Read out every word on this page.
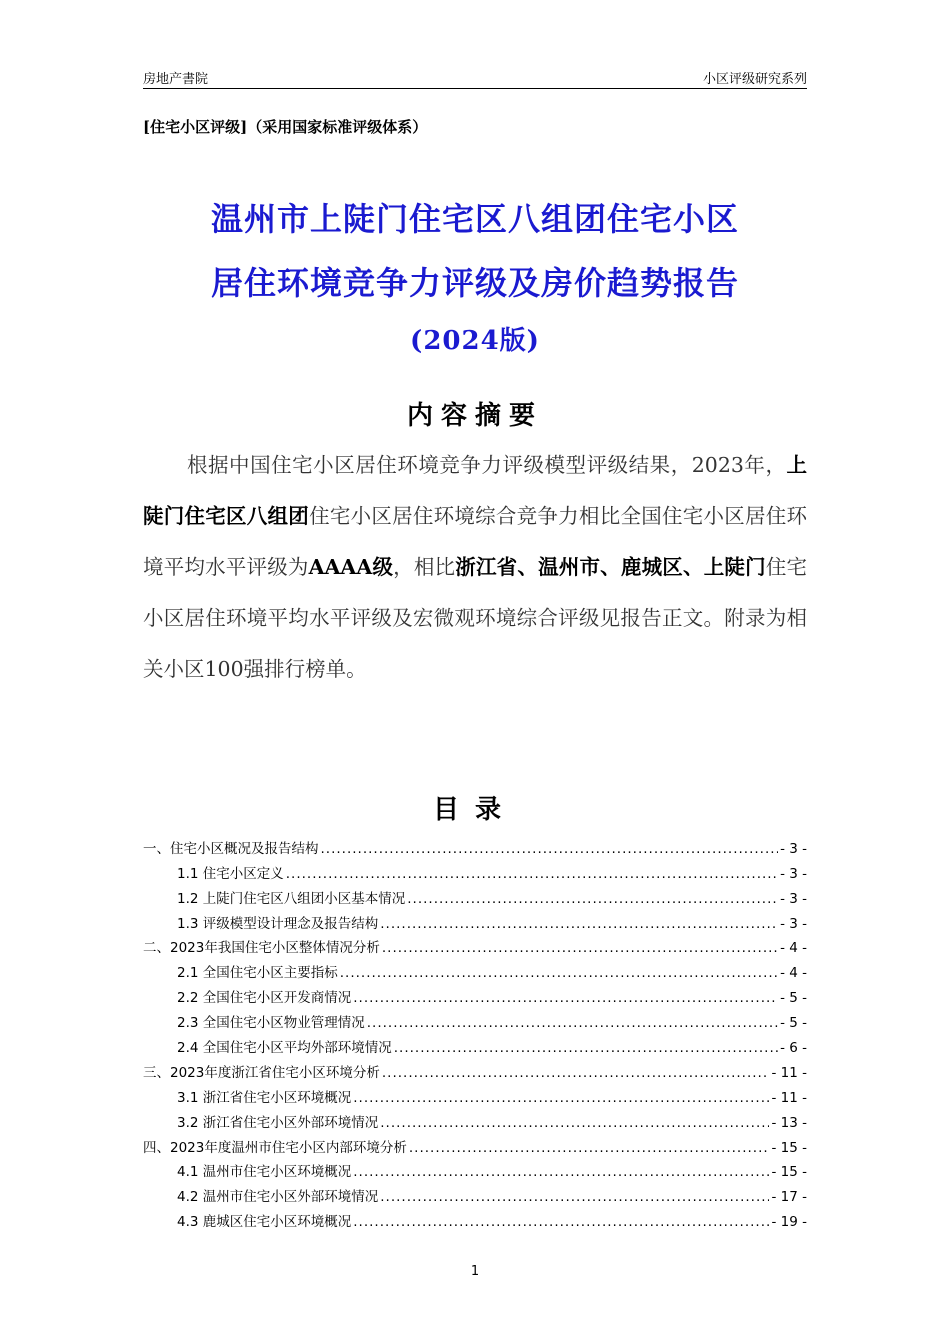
房地产書院	小区评级研究系列
[住宅小区评级]（采用国家标准评级体系）
温州市上陡门住宅区八组团住宅小区
居住环境竞争力评级及房价趋势报告
(2024版)
内容摘要
根据中国住宅小区居住环境竞争力评级模型评级结果，2023年，上陡门住宅区八组团住宅小区居住环境综合竞争力相比全国住宅小区居住环境平均水平评级为AAAA级，相比浙江省、温州市、鹿城区、上陡门住宅小区居住环境平均水平评级及宏微观环境综合评级见报告正文。附录为相关小区100强排行榜单。
目录
一、住宅小区概况及报告结构 .....	- 3 -
1.1 住宅小区定义 .....	- 3 -
1.2 上陡门住宅区八组团小区基本情况 .....	- 3 -
1.3 评级模型设计理念及报告结构 .....	- 3 -
二、2023年我国住宅小区整体情况分析 .....	- 4 -
2.1 全国住宅小区主要指标 .....	- 4 -
2.2 全国住宅小区开发商情况 .....	- 5 -
2.3 全国住宅小区物业管理情况 .....	- 5 -
2.4 全国住宅小区平均外部环境情况 .....	- 6 -
三、2023年度浙江省住宅小区环境分析 .....	- 11 -
3.1 浙江省住宅小区环境概况 .....	- 11 -
3.2 浙江省住宅小区外部环境情况 .....	- 13 -
四、2023年度温州市住宅小区内部环境分析 .....	- 15 -
4.1 温州市住宅小区环境概况 .....	- 15 -
4.2 温州市住宅小区外部环境情况 .....	- 17 -
4.3 鹿城区住宅小区环境概况 .....	- 19 -
1
